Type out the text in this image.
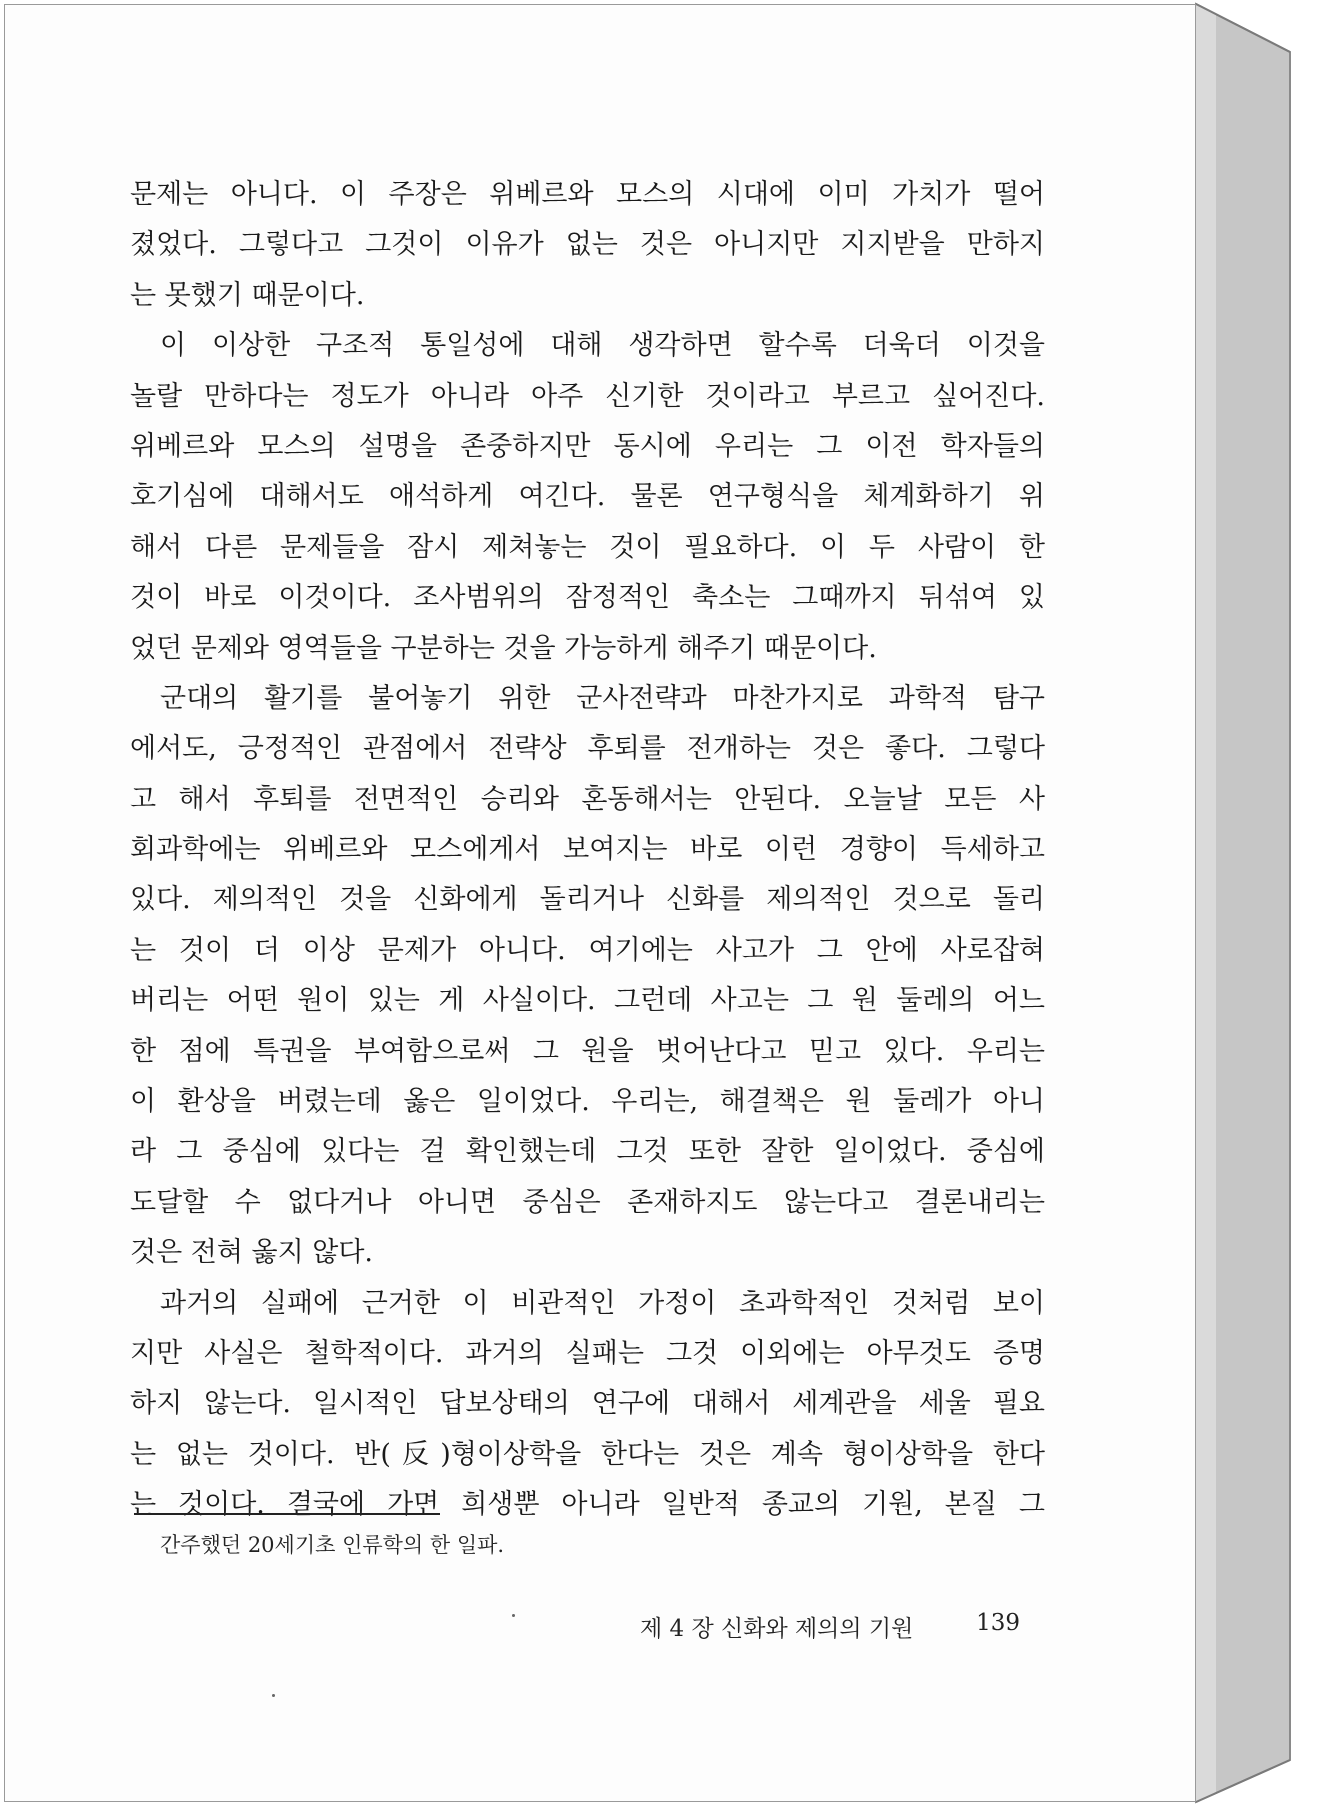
문제는 아니다. 이 주장은 위베르와 모스의 시대에 이미 가치가 떨어
졌었다. 그렇다고 그것이 이유가 없는 것은 아니지만 지지받을 만하지
는 못했기 때문이다.
이 이상한 구조적 통일성에 대해 생각하면 할수록 더욱더 이것을
놀랄 만하다는 정도가 아니라 아주 신기한 것이라고 부르고 싶어진다.
위베르와 모스의 설명을 존중하지만 동시에 우리는 그 이전 학자들의
호기심에 대해서도 애석하게 여긴다. 물론 연구형식을 체계화하기 위
해서 다른 문제들을 잠시 제쳐놓는 것이 필요하다. 이 두 사람이 한
것이 바로 이것이다. 조사범위의 잠정적인 축소는 그때까지 뒤섞여 있
었던 문제와 영역들을 구분하는 것을 가능하게 해주기 때문이다.
군대의 활기를 불어놓기 위한 군사전략과 마찬가지로 과학적 탐구
에서도, 긍정적인 관점에서 전략상 후퇴를 전개하는 것은 좋다. 그렇다
고 해서 후퇴를 전면적인 승리와 혼동해서는 안된다. 오늘날 모든 사
회과학에는 위베르와 모스에게서 보여지는 바로 이런 경향이 득세하고
있다. 제의적인 것을 신화에게 돌리거나 신화를 제의적인 것으로 돌리
는 것이 더 이상 문제가 아니다. 여기에는 사고가 그 안에 사로잡혀
버리는 어떤 원이 있는 게 사실이다. 그런데 사고는 그 원 둘레의 어느
한 점에 특권을 부여함으로써 그 원을 벗어난다고 믿고 있다. 우리는
이 환상을 버렸는데 옳은 일이었다. 우리는, 해결책은 원 둘레가 아니
라 그 중심에 있다는 걸 확인했는데 그것 또한 잘한 일이었다. 중심에
도달할 수 없다거나 아니면 중심은 존재하지도 않는다고 결론내리는
것은 전혀 옳지 않다.
과거의 실패에 근거한 이 비관적인 가정이 초과학적인 것처럼 보이
지만 사실은 철학적이다. 과거의 실패는 그것 이외에는 아무것도 증명
하지 않는다. 일시적인 답보상태의 연구에 대해서 세계관을 세울 필요
는 없는 것이다. 반(反)형이상학을 한다는 것은 계속 형이상학을 한다
는 것이다. 결국에 가면 희생뿐 아니라 일반적 종교의 기원, 본질 그
간주했던 20세기초 인류학의 한 일파.
제 4 장 신화와 제의의 기원	139
